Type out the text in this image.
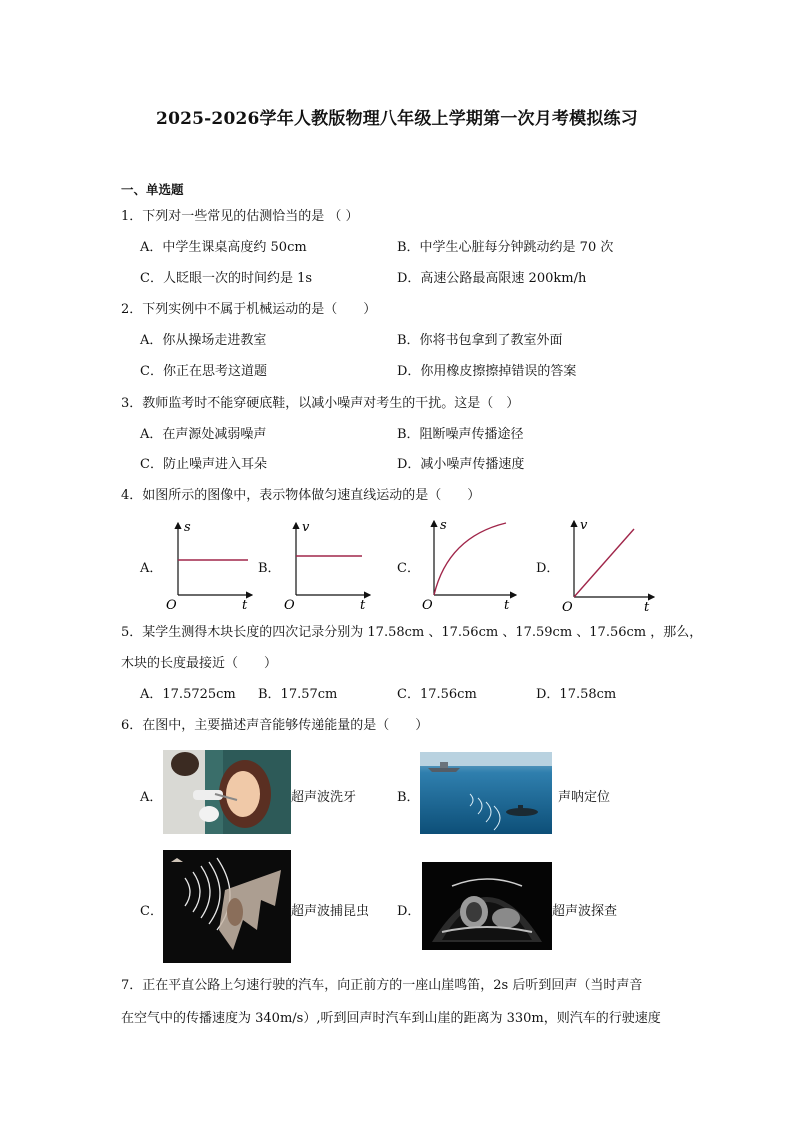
2025-2026学年人教版物理八年级上学期第一次月考模拟练习
一、单选题
1．下列对一些常见的估测恰当的是 （ ）
A．中学生课桌高度约 50cm	B．中学生心脏每分钟跳动约是 70 次
C．人眨眼一次的时间约是 1s	D．高速公路最高限速 200km/h
2．下列实例中不属于机械运动的是（　　）
A．你从操场走进教室	B．你将书包拿到了教室外面
C．你正在思考这道题	D．你用橡皮擦擦掉错误的答案
3．教师监考时不能穿硬底鞋，以减小噪声对考生的干扰。这是（　）
A．在声源处减弱噪声	B．阻断噪声传播途径
C．防止噪声进入耳朵	D．减小噪声传播速度
4．如图所示的图像中，表示物体做匀速直线运动的是（　　）
A．
s
t
O
B．
v
t
O
C．
s
t
O
D．
v
t
O
5．某学生测得木块长度的四次记录分别为 17.58cm 、17.56cm 、17.59cm 、17.56cm ，那么，
木块的长度最接近（　　）
A．17.5725cm B．17.57cm	C．17.56cm	D．17.58cm
6．在图中，主要描述声音能够传递能量的是（　　）
A．	超声波洗牙	B．	声呐定位
C．	超声波捕昆虫 D．	超声波探查
7．正在平直公路上匀速行驶的汽车，向正前方的一座山崖鸣笛，2s 后听到回声（当时声音
在空气中的传播速度为 340m/s）,听到回声时汽车到山崖的距离为 330m，则汽车的行驶速度
